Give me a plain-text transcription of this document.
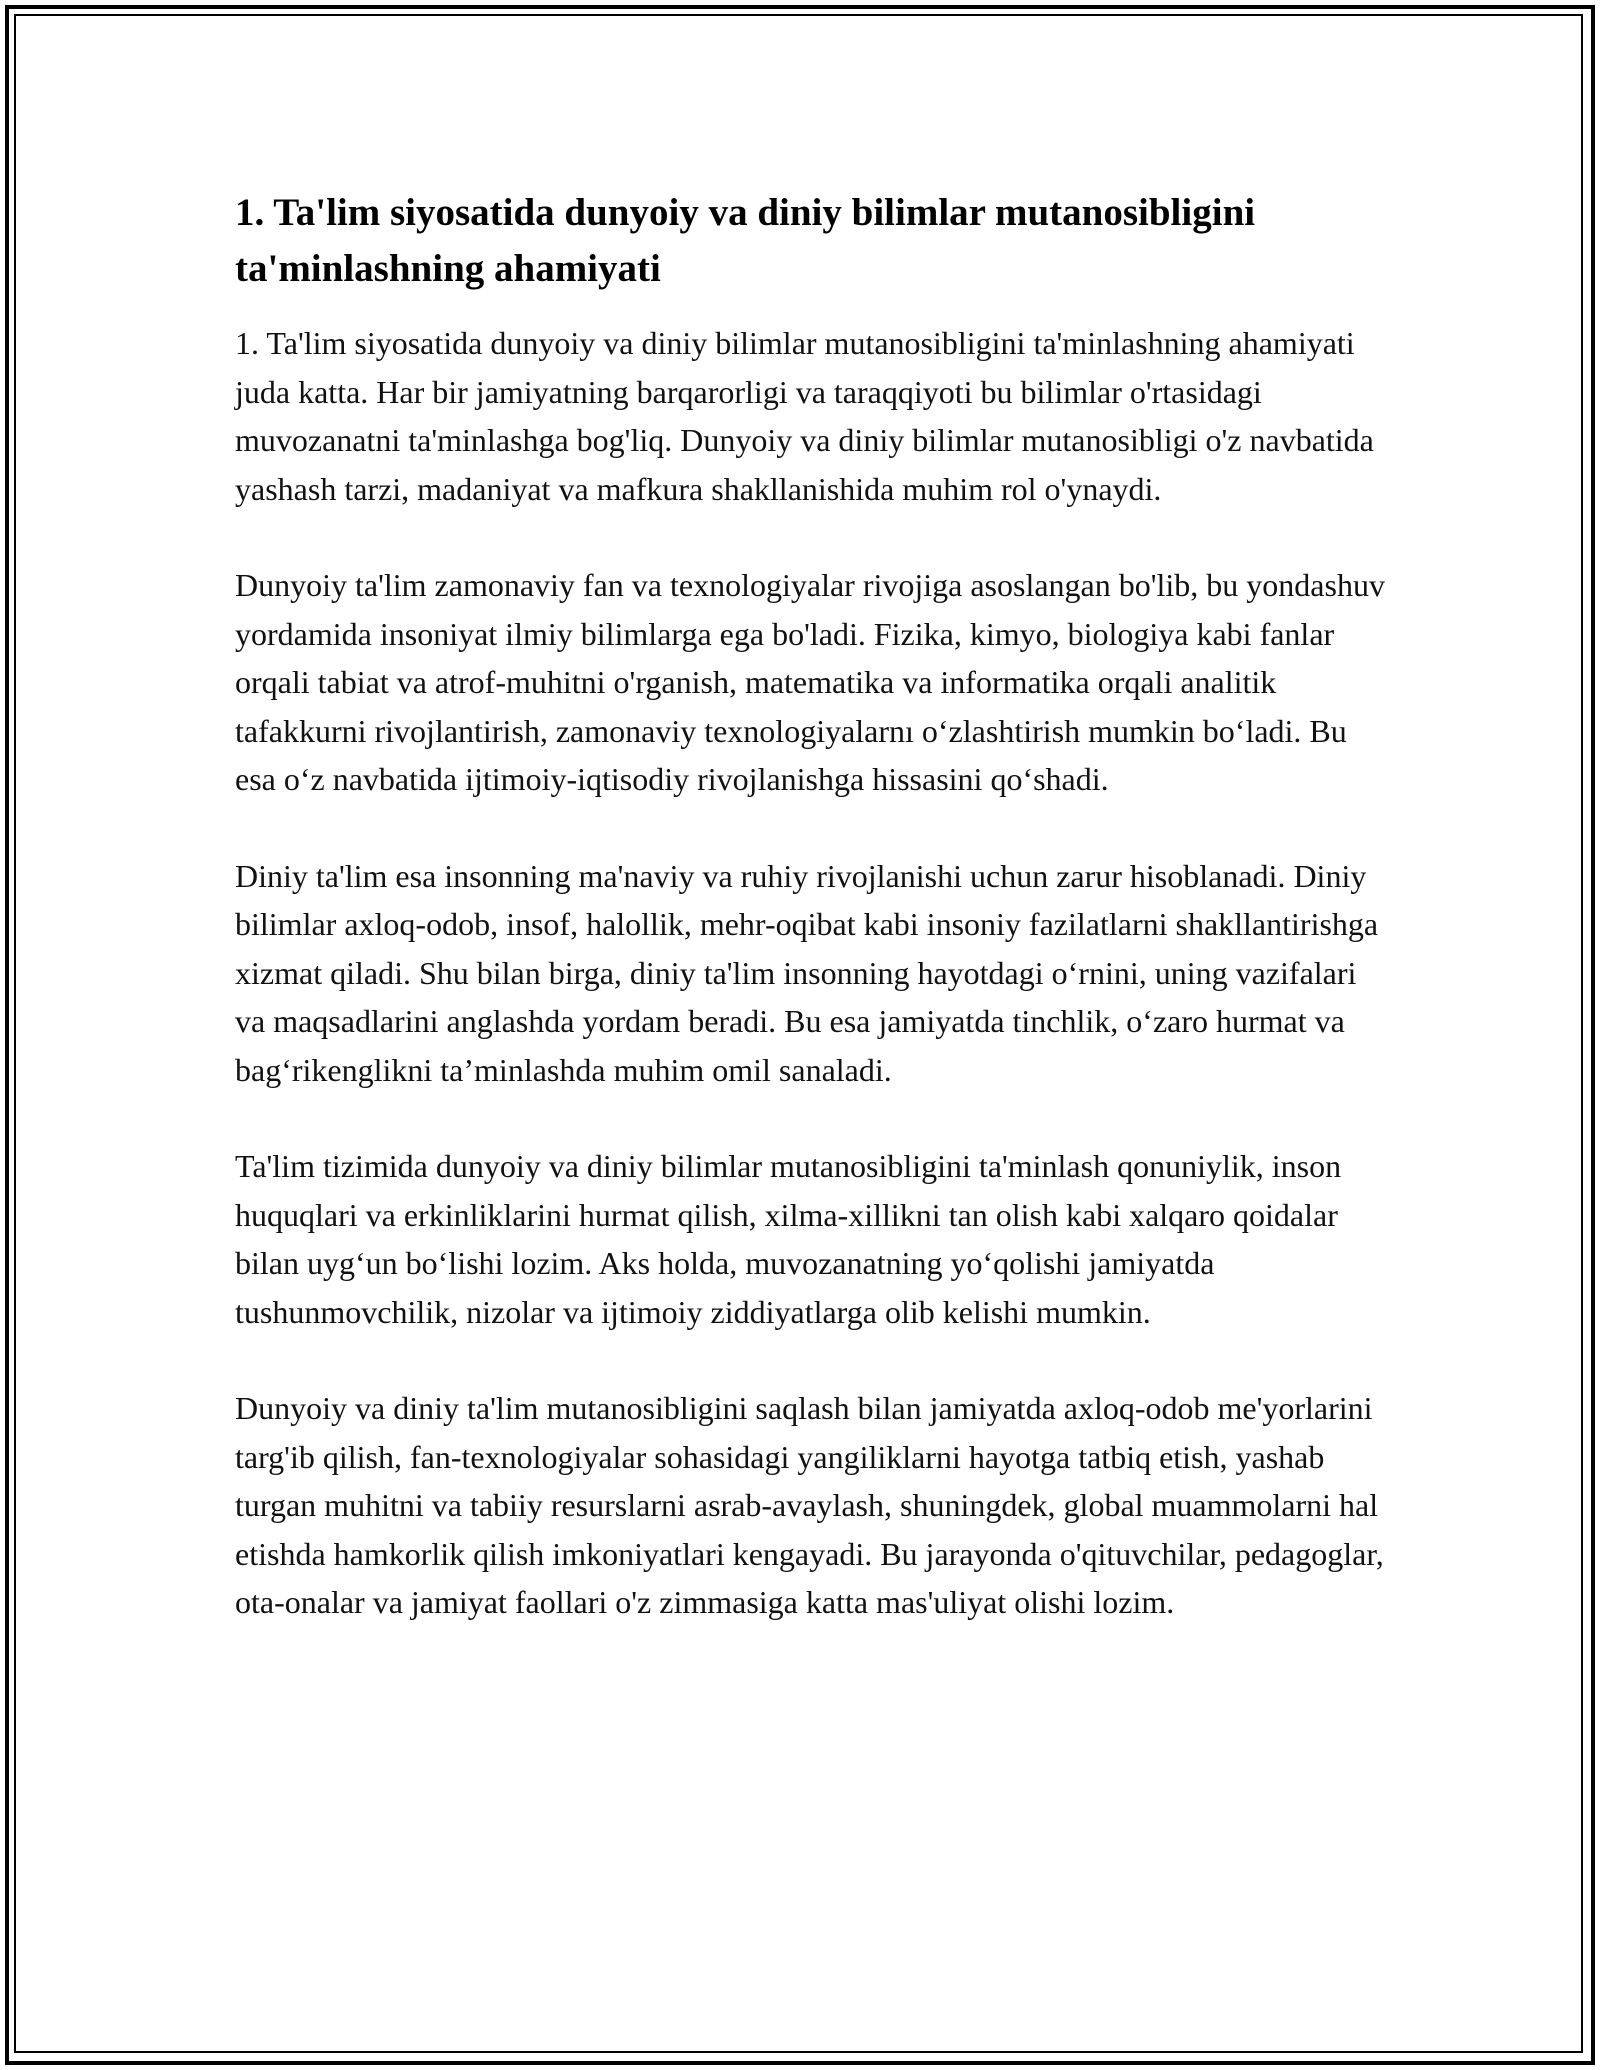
1. Ta'lim siyosatida dunyoiy va diniy bilimlar mutanosibligini ta'minlashning ahamiyati

1. Ta'lim siyosatida dunyoiy va diniy bilimlar mutanosibligini ta'minlashning ahamiyati juda katta. Har bir jamiyatning barqarorligi va taraqqiyoti bu bilimlar o'rtasidagi muvozanatni ta'minlashga bog'liq. Dunyoiy va diniy bilimlar mutanosibligi o'z navbatida yashash tarzi, madaniyat va mafkura shakllanishida muhim rol o'ynaydi.

Dunyoiy ta'lim zamonaviy fan va texnologiyalar rivojiga asoslangan bo'lib, bu yondashuv yordamida insoniyat ilmiy bilimlarga ega bo'ladi. Fizika, kimyo, biologiya kabi fanlar orqali tabiat va atrof-muhitni o'rganish, matematika va informatika orqali analitik tafakkurni rivojlantirish, zamonaviy texnologiyalarnı o‘zlashtirish mumkin bo‘ladi. Bu esa o‘z navbatida ijtimoiy-iqtisodiy rivojlanishga hissasini qo‘shadi.

Diniy ta'lim esa insonning ma'naviy va ruhiy rivojlanishi uchun zarur hisoblanadi. Diniy bilimlar axloq-odob, insof, halollik, mehr-oqibat kabi insoniy fazilatlarni shakllantirishga xizmat qiladi. Shu bilan birga, diniy ta'lim insonning hayotdagi o‘rnini, uning vazifalari va maqsadlarini anglashda yordam beradi. Bu esa jamiyatda tinchlik, o‘zaro hurmat va bag‘rikenglikni ta’minlashda muhim omil sanaladi.

Ta'lim tizimida dunyoiy va diniy bilimlar mutanosibligini ta'minlash qonuniylik, inson huquqlari va erkinliklarini hurmat qilish, xilma-xillikni tan olish kabi xalqaro qoidalar bilan uyg‘un bo‘lishi lozim. Aks holda, muvozanatning yo‘qolishi jamiyatda tushunmovchilik, nizolar va ijtimoiy ziddiyatlarga olib kelishi mumkin.

Dunyoiy va diniy ta'lim mutanosibligini saqlash bilan jamiyatda axloq-odob me'yorlarini targ'ib qilish, fan-texnologiyalar sohasidagi yangiliklarni hayotga tatbiq etish, yashab turgan muhitni va tabiiy resurslarni asrab-avaylash, shuningdek, global muammolarni hal etishda hamkorlik qilish imkoniyatlari kengayadi. Bu jarayonda o'qituvchilar, pedagoglar, ota-onalar va jamiyat faollari o'z zimmasiga katta mas'uliyat olishi lozim.
